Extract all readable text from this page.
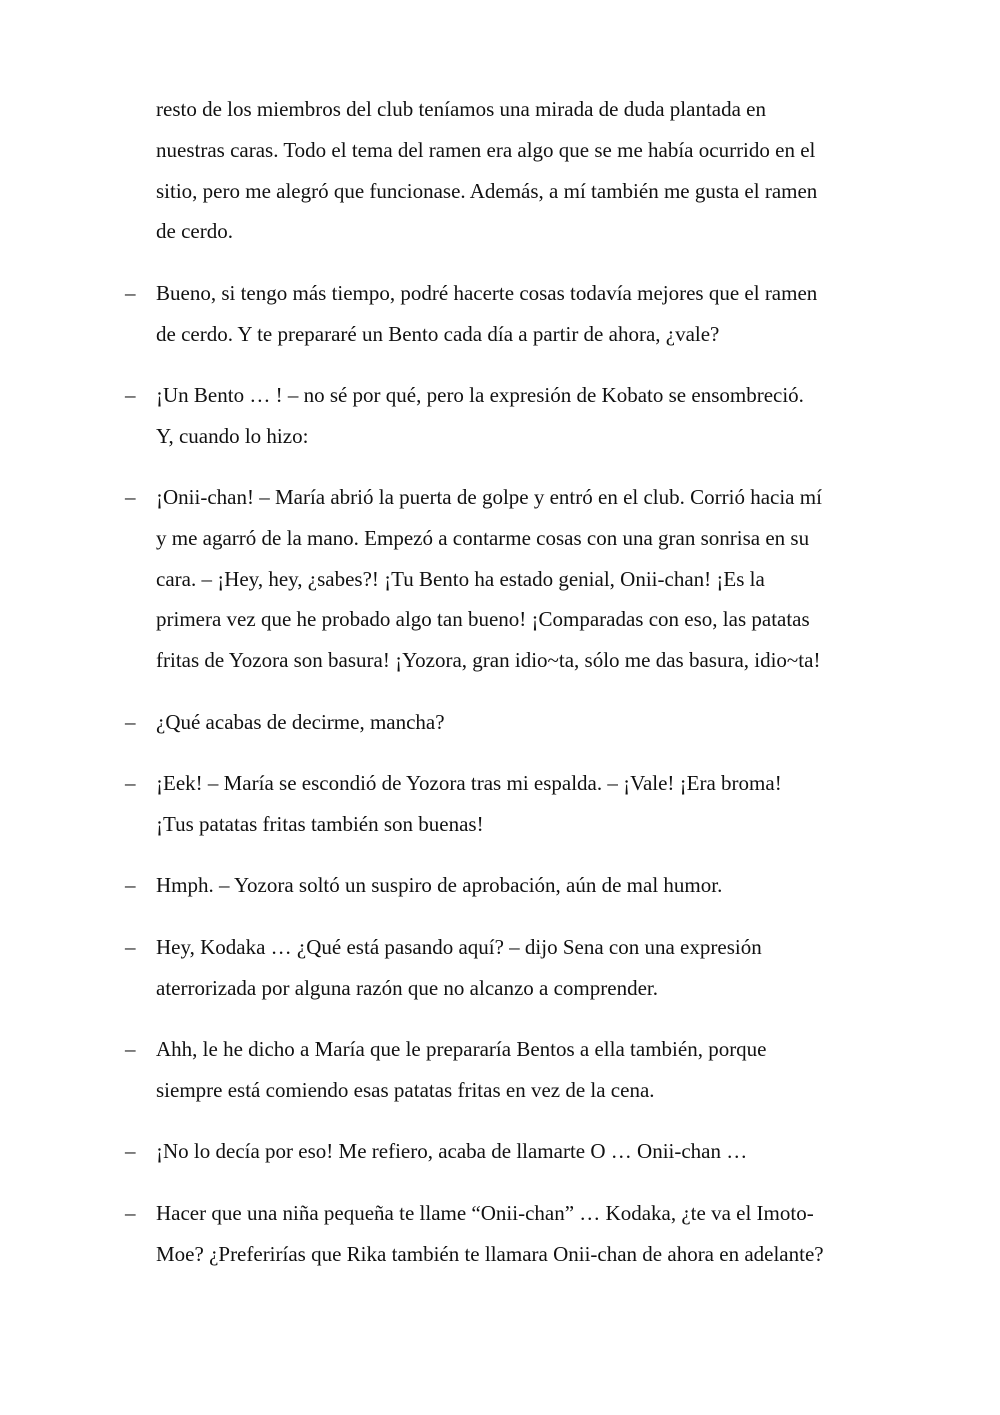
resto de los miembros del club teníamos una mirada de duda plantada en
nuestras caras. Todo el tema del ramen era algo que se me había ocurrido en el
sitio, pero me alegró que funcionase. Además, a mí también me gusta el ramen
de cerdo.
– Bueno, si tengo más tiempo, podré hacerte cosas todavía mejores que el ramen
de cerdo. Y te prepararé un Bento cada día a partir de ahora, ¿vale?
– ¡Un Bento … ! – no sé por qué, pero la expresión de Kobato se ensombreció.
Y, cuando lo hizo:
– ¡Onii-chan! – María abrió la puerta de golpe y entró en el club. Corrió hacia mí
y me agarró de la mano. Empezó a contarme cosas con una gran sonrisa en su
cara. – ¡Hey, hey, ¿sabes?! ¡Tu Bento ha estado genial, Onii-chan! ¡Es la
primera vez que he probado algo tan bueno! ¡Comparadas con eso, las patatas
fritas de Yozora son basura! ¡Yozora, gran idio~ta, sólo me das basura, idio~ta!
– ¿Qué acabas de decirme, mancha?
– ¡Eek! – María se escondió de Yozora tras mi espalda. – ¡Vale! ¡Era broma!
¡Tus patatas fritas también son buenas!
– Hmph. – Yozora soltó un suspiro de aprobación, aún de mal humor.
– Hey, Kodaka … ¿Qué está pasando aquí? – dijo Sena con una expresión
aterrorizada por alguna razón que no alcanzo a comprender.
– Ahh, le he dicho a María que le prepararía Bentos a ella también, porque
siempre está comiendo esas patatas fritas en vez de la cena.
– ¡No lo decía por eso! Me refiero, acaba de llamarte O … Onii-chan …
– Hacer que una niña pequeña te llame “Onii-chan” … Kodaka, ¿te va el Imoto-
Moe? ¿Preferirías que Rika también te llamara Onii-chan de ahora en adelante?
